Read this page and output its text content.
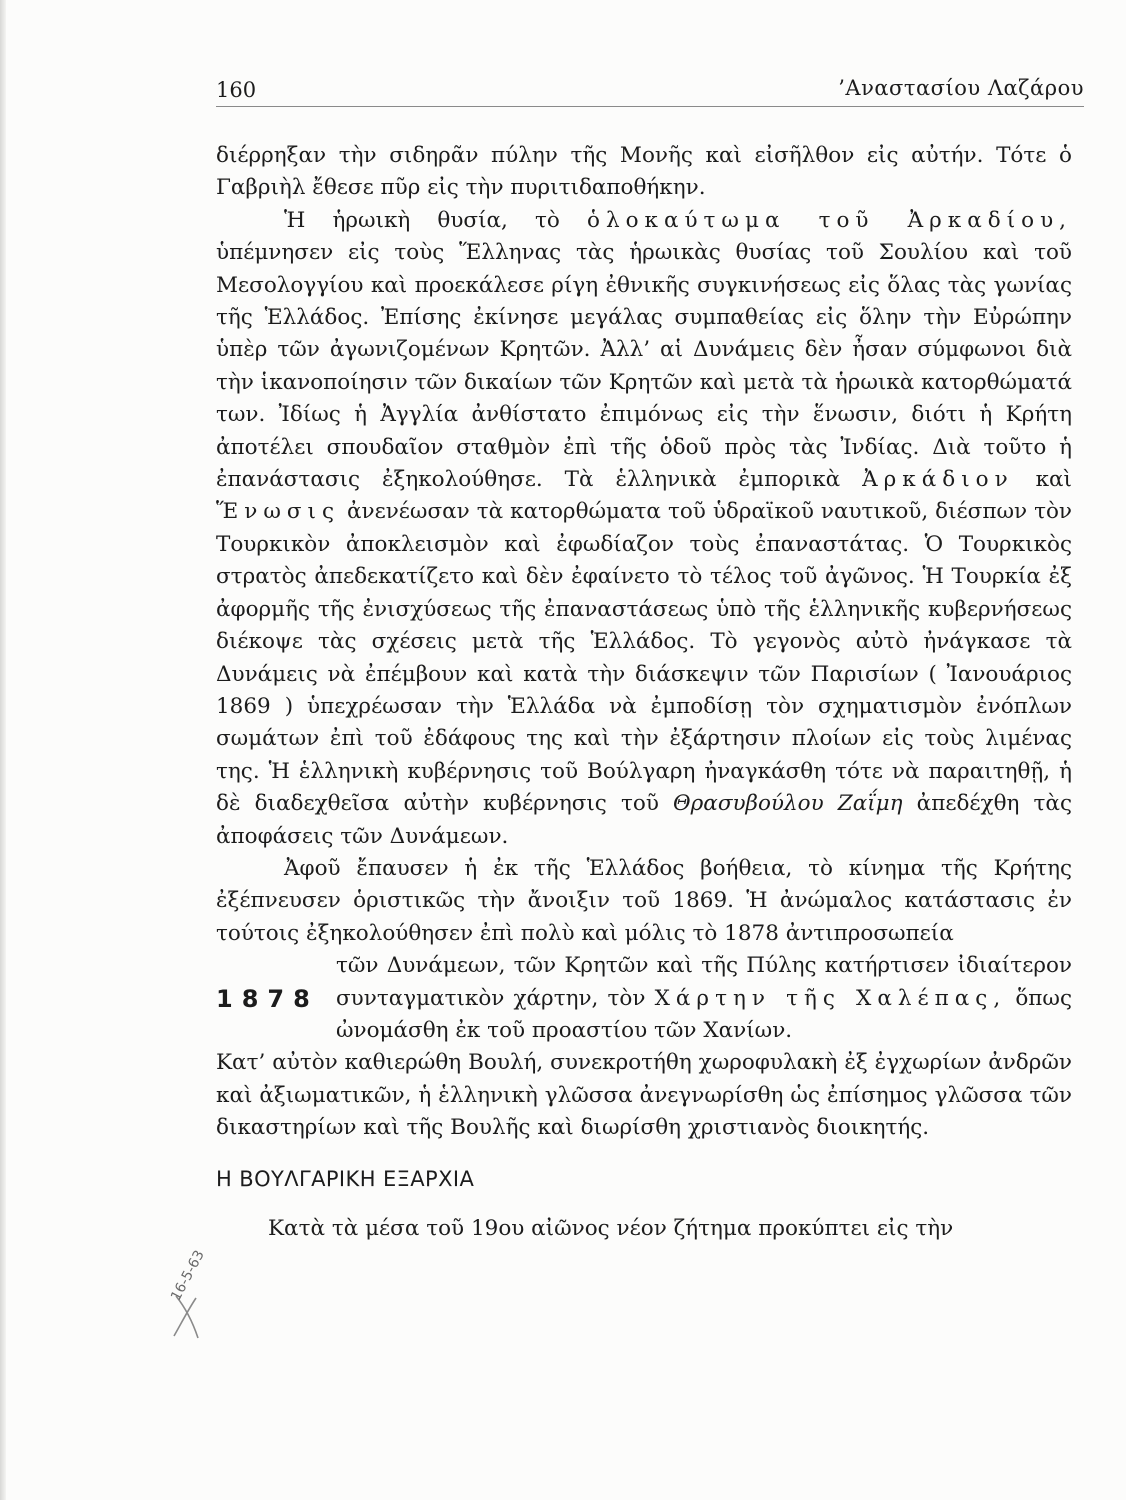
160	’Αναστασίου Λαζάρου

διέρρηξαν τὴν σιδηρᾶν πύλην τῆς Μονῆς καὶ εἰσῆλθον εἰς αὐτήν. Τότε ὁ Γαβριὴλ ἔθεσε πῦρ εἰς τὴν πυριτιδαποθήκην.

Ἡ ἡρωικὴ θυσία, τὸ ὁλοκαύτωμα τοῦ Ἀρκαδίου, ὑπέμνησεν εἰς τοὺς Ἕλληνας τὰς ἡρωικὰς θυσίας τοῦ Σουλίου καὶ τοῦ Μεσολογγίου καὶ προεκάλεσε ρίγη ἐθνικῆς συγκινήσεως εἰς ὅλας τὰς γωνίας τῆς Ἑλλάδος. Ἐπίσης ἐκίνησε μεγάλας συμπαθείας εἰς ὅλην τὴν Εὐρώπην ὑπὲρ τῶν ἀγωνιζομένων Κρητῶν. Ἀλλ’ αἱ Δυνάμεις δὲν ἦσαν σύμφωνοι διὰ τὴν ἱκανοποίησιν τῶν δικαίων τῶν Κρητῶν καὶ μετὰ τὰ ἡρωικὰ κατορθώματά των. Ἰδίως ἡ Ἀγγλία ἀνθίστατο ἐπιμόνως εἰς τὴν ἕνωσιν, διότι ἡ Κρήτη ἀποτέλει σπουδαῖον σταθμὸν ἐπὶ τῆς ὁδοῦ πρὸς τὰς Ἰνδίας. Διὰ τοῦτο ἡ ἐπανάστασις ἐξηκολούθησε. Τὰ ἑλληνικὰ ἐμπορικὰ Ἀρκάδιον καὶ Ἕνωσις ἀνενέωσαν τὰ κατορθώματα τοῦ ὑδραϊκοῦ ναυτικοῦ, διέσπων τὸν Τουρκικὸν ἀποκλεισμὸν καὶ ἐφωδίαζον τοὺς ἐπαναστάτας. Ὁ Τουρκικὸς στρατὸς ἀπεδεκατίζετο καὶ δὲν ἐφαίνετο τὸ τέλος τοῦ ἀγῶνος. Ἡ Τουρκία ἐξ ἀφορμῆς τῆς ἐνισχύσεως τῆς ἐπαναστάσεως ὑπὸ τῆς ἑλληνικῆς κυβερνήσεως διέκοψε τὰς σχέσεις μετὰ τῆς Ἑλλάδος. Τὸ γεγονὸς αὐτὸ ἠνάγκασε τὰ Δυνάμεις νὰ ἐπέμβουν καὶ κατὰ τὴν διάσκεψιν τῶν Παρισίων ( Ἰανουάριος 1869 ) ὑπεχρέωσαν τὴν Ἑλλάδα νὰ ἐμποδίσῃ τὸν σχηματισμὸν ἐνόπλων σωμάτων ἐπὶ τοῦ ἐδάφους της καὶ τὴν ἐξάρτησιν πλοίων εἰς τοὺς λιμένας της. Ἡ ἑλληνικὴ κυβέρνησις τοῦ Βούλγαρη ἠναγκάσθη τότε νὰ παραιτηθῇ, ἡ δὲ διαδεχθεῖσα αὐτὴν κυβέρνησις τοῦ Θρασυβούλου Ζαΐμη ἀπεδέχθη τὰς ἀποφάσεις τῶν Δυνάμεων.

Ἀφοῦ ἔπαυσεν ἡ ἐκ τῆς Ἑλλάδος βοήθεια, τὸ κίνημα τῆς Κρήτης ἐξέπνευσεν ὁριστικῶς τὴν ἄνοιξιν τοῦ 1869. Ἡ ἀνώμαλος κατάστασις ἐν τούτοις ἐξηκολούθησεν ἐπὶ πολὺ καὶ μόλις τὸ 1878 ἀντιπροσωπεία

1878
τῶν Δυνάμεων, τῶν Κρητῶν καὶ τῆς Πύλης κατήρτισεν ἰδιαίτερον συνταγματικὸν χάρτην, τὸν Χάρτην τῆς Χαλέπας, ὅπως ὠνομάσθη ἐκ τοῦ προαστίου τῶν Χανίων.

Κατ’ αὐτὸν καθιερώθη Βουλή, συνεκροτήθη χωροφυλακὴ ἐξ ἐγχωρίων ἀνδρῶν καὶ ἀξιωματικῶν, ἡ ἑλληνικὴ γλῶσσα ἀνεγνωρίσθη ὡς ἐπίσημος γλῶσσα τῶν δικαστηρίων καὶ τῆς Βουλῆς καὶ διωρίσθη χριστιανὸς διοικητής.

Η ΒΟΥΛΓΑΡΙΚΗ ΕΞΑΡΧΙΑ

Κατὰ τὰ μέσα τοῦ 19ου αἰῶνος νέον ζήτημα προκύπτει εἰς τὴν

16-5-63
